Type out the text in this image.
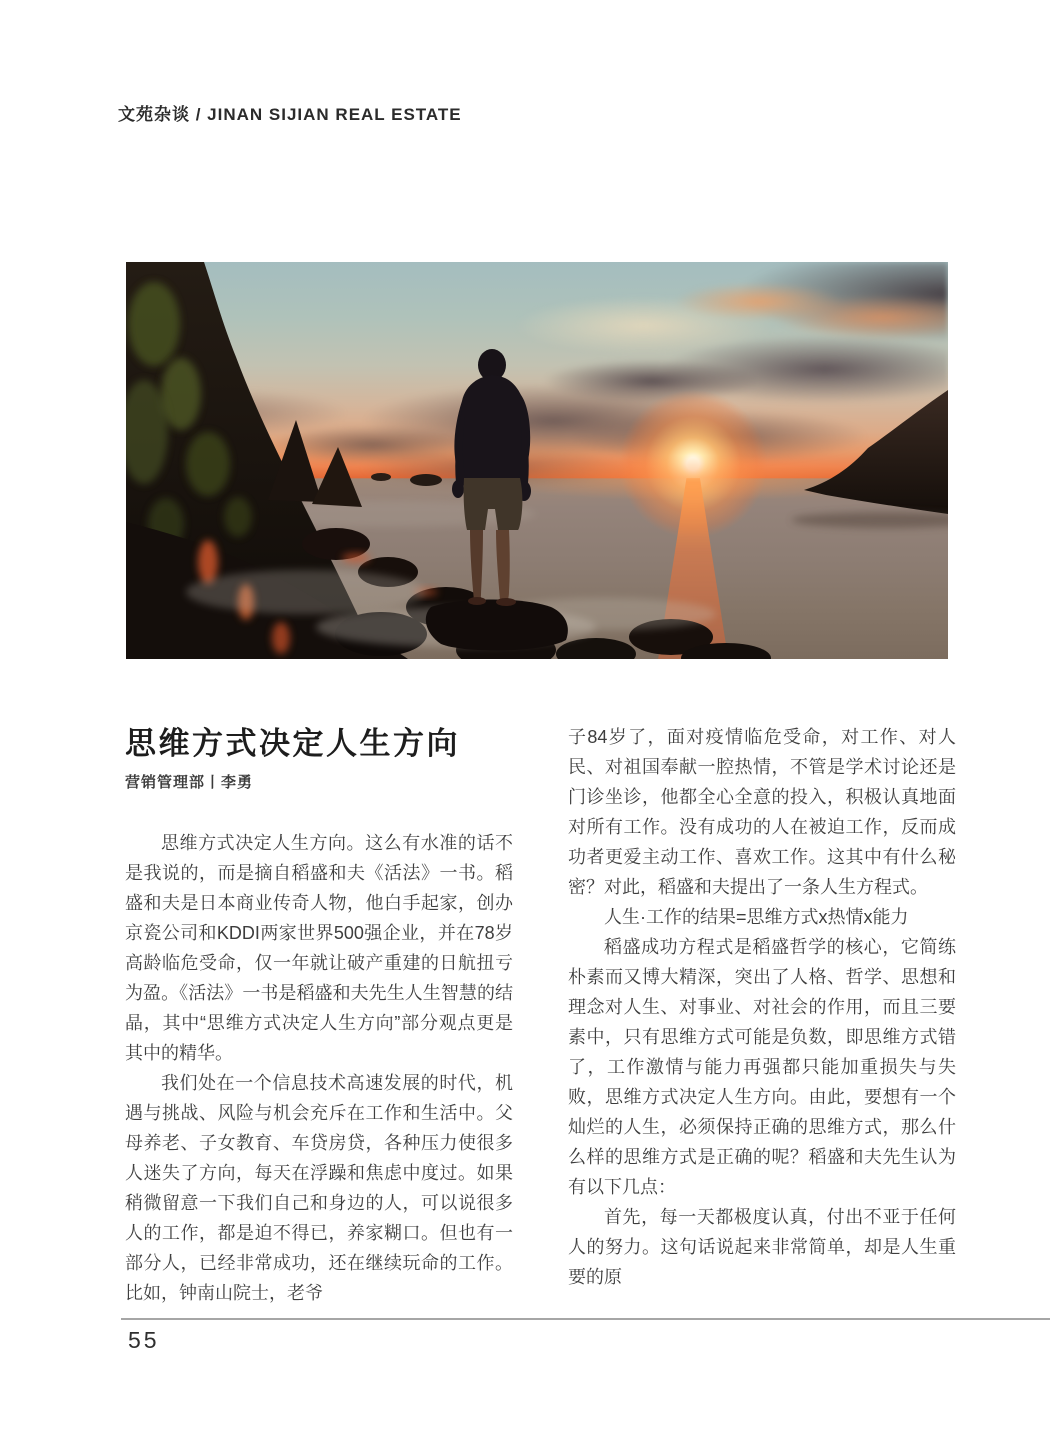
文苑杂谈 / JINAN SIJIAN REAL ESTATE
思维方式决定人生方向
营销管理部丨李勇

思维方式决定人生方向。这么有水准的话不是我说的，而是摘自稻盛和夫《活法》一书。稻盛和夫是日本商业传奇人物，他白手起家，创办京瓷公司和KDDI两家世界500强企业，并在78岁高龄临危受命，仅一年就让破产重建的日航扭亏为盈。《活法》一书是稻盛和夫先生人生智慧的结晶，其中“思维方式决定人生方向”部分观点更是其中的精华。

我们处在一个信息技术高速发展的时代，机遇与挑战、风险与机会充斥在工作和生活中。父母养老、子女教育、车贷房贷，各种压力使很多人迷失了方向，每天在浮躁和焦虑中度过。如果稍微留意一下我们自己和身边的人，可以说很多人的工作，都是迫不得已，养家糊口。但也有一部分人，已经非常成功，还在继续玩命的工作。比如，钟南山院士，老爷

子84岁了，面对疫情临危受命，对工作、对人民、对祖国奉献一腔热情，不管是学术讨论还是门诊坐诊，他都全心全意的投入，积极认真地面对所有工作。没有成功的人在被迫工作，反而成功者更爱主动工作、喜欢工作。这其中有什么秘密？对此，稻盛和夫提出了一条人生方程式。

人生·工作的结果=思维方式x热情x能力

稻盛成功方程式是稻盛哲学的核心，它简练朴素而又博大精深，突出了人格、哲学、思想和理念对人生、对事业、对社会的作用，而且三要素中，只有思维方式可能是负数，即思维方式错了，工作激情与能力再强都只能加重损失与失败，思维方式决定人生方向。由此，要想有一个灿烂的人生，必须保持正确的思维方式，那么什么样的思维方式是正确的呢？稻盛和夫先生认为有以下几点：

首先，每一天都极度认真，付出不亚于任何人的努力。这句话说起来非常简单，却是人生重要的原

55
